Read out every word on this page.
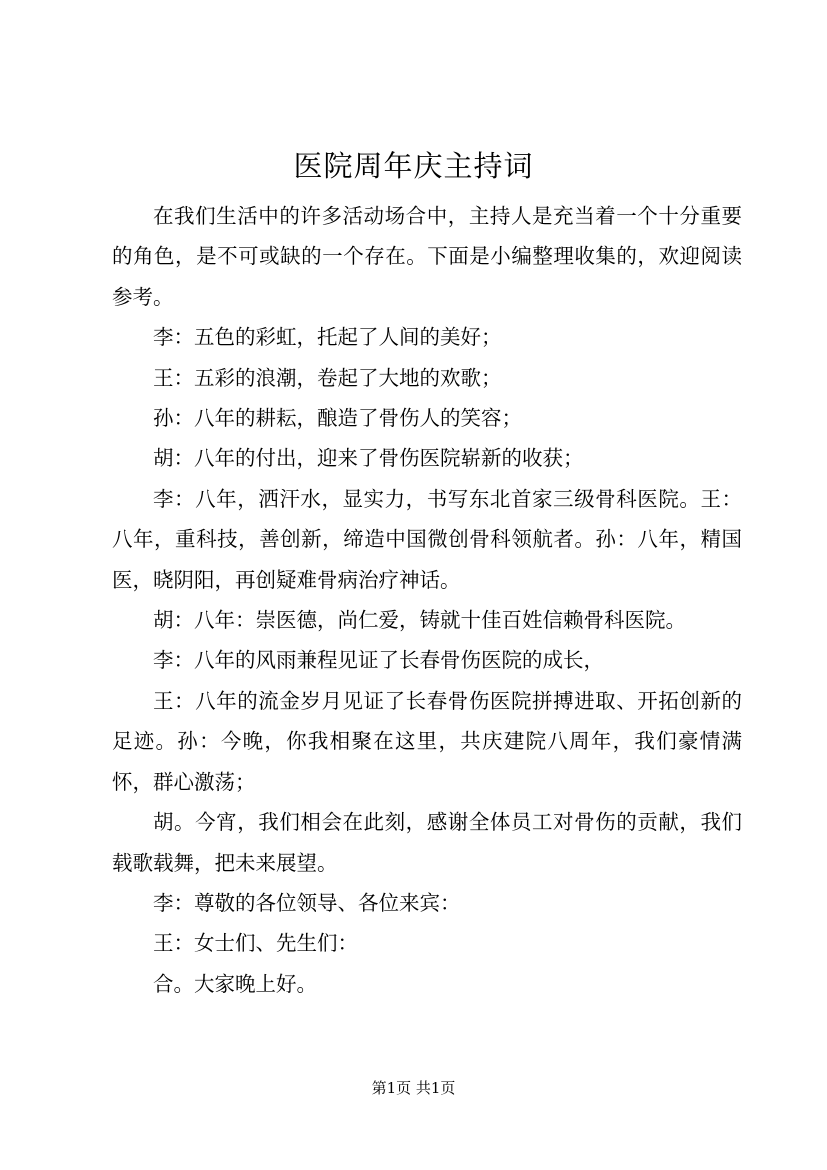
医院周年庆主持词

在我们生活中的许多活动场合中，主持人是充当着一个十分重要的角色，是不可或缺的一个存在。下面是小编整理收集的，欢迎阅读参考。

李：五色的彩虹，托起了人间的美好；

王：五彩的浪潮，卷起了大地的欢歌；

孙：八年的耕耘，酿造了骨伤人的笑容；

胡：八年的付出，迎来了骨伤医院崭新的收获；

李：八年，洒汗水，显实力，书写东北首家三级骨科医院。王：八年，重科技，善创新，缔造中国微创骨科领航者。孙：八年，精国医，晓阴阳，再创疑难骨病治疗神话。

胡：八年：崇医德，尚仁爱，铸就十佳百姓信赖骨科医院。

李：八年的风雨兼程见证了长春骨伤医院的成长，

王：八年的流金岁月见证了长春骨伤医院拼搏进取、开拓创新的足迹。孙：今晚，你我相聚在这里，共庆建院八周年，我们豪情满怀，群心激荡；

胡。今宵，我们相会在此刻，感谢全体员工对骨伤的贡献，我们载歌载舞，把未来展望。

李：尊敬的各位领导、各位来宾：

王：女士们、先生们：

合。大家晚上好。

第1页 共1页
